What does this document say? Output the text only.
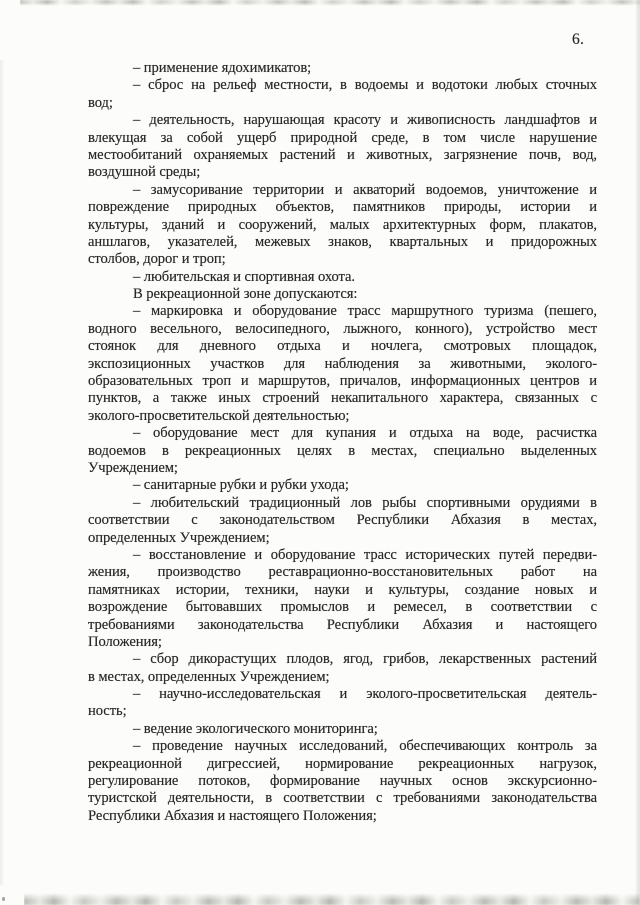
6.
– применение ядохимикатов;
– сброс на рельеф местности, в водоемы и водотоки любых сточных
вод;
– деятельность, нарушающая красоту и живописность ландшафтов и
влекущая за собой ущерб природной среде, в том числе нарушение
местообитаний охраняемых растений и животных, загрязнение почв, вод,
воздушной среды;
– замусоривание территории и акваторий водоемов, уничтожение и
повреждение природных объектов, памятников природы, истории и
культуры, зданий и сооружений, малых архитектурных форм, плакатов,
аншлагов, указателей, межевых знаков, квартальных и придорожных
столбов, дорог и троп;
– любительская и спортивная охота.
В рекреационной зоне допускаются:
– маркировка и оборудование трасс маршрутного туризма (пешего,
водного весельного, велосипедного, лыжного, конного), устройство мест
стоянок для дневного отдыха и ночлега, смотровых площадок,
экспозиционных участков для наблюдения за животными, эколого-
образовательных троп и маршрутов, причалов, информационных центров и
пунктов, а также иных строений некапитального характера, связанных с
эколого-просветительской деятельностью;
– оборудование мест для купания и отдыха на воде, расчистка
водоемов в рекреационных целях в местах, специально выделенных
Учреждением;
– санитарные рубки и рубки ухода;
– любительский традиционный лов рыбы спортивными орудиями в
соответствии с законодательством Республики Абхазия в местах,
определенных Учреждением;
– восстановление и оборудование трасс исторических путей передви-
жения, производство реставрационно-восстановительных работ на
памятниках истории, техники, науки и культуры, создание новых и
возрождение бытовавших промыслов и ремесел, в соответствии с
требованиями законодательства Республики Абхазия и настоящего
Положения;
– сбор дикорастущих плодов, ягод, грибов, лекарственных растений
в местах, определенных Учреждением;
– научно-исследовательская и эколого-просветительская деятель-
ность;
– ведение экологического мониторинга;
– проведение научных исследований, обеспечивающих контроль за
рекреационной дигрессией, нормирование рекреационных нагрузок,
регулирование потоков, формирование научных основ экскурсионно-
туристской деятельности, в соответствии с требованиями законодательства
Республики Абхазия и настоящего Положения;
